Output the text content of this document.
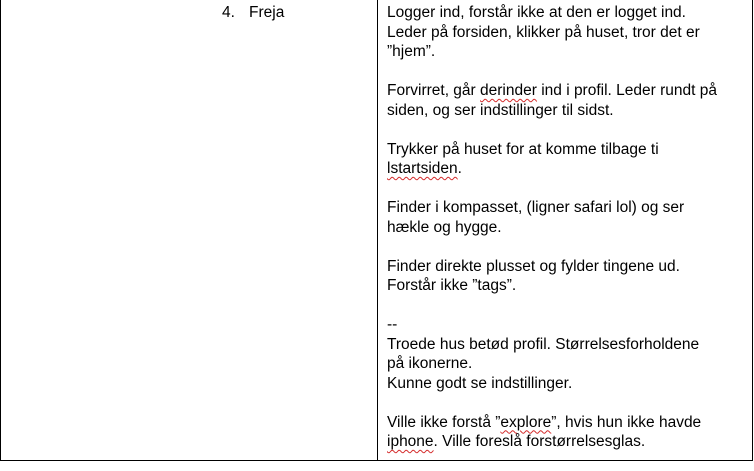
4. Freja	Logger ind, forstår ikke at den er logget ind.
Leder på forsiden, klikker på huset, tror det er
”hjem”.

Forvirret, går derinder ind i profil. Leder rundt på
siden, og ser indstillinger til sidst.

Trykker på huset for at komme tilbage ti
lstartsiden.

Finder i kompasset, (ligner safari lol) og ser
hækle og hygge.

Finder direkte plusset og fylder tingene ud.
Forstår ikke ”tags”.

--

Troede hus betød profil. Størrelsesforholdene
på ikonerne.
Kunne godt se indstillinger.

Ville ikke forstå ”explore”, hvis hun ikke havde
iphone. Ville foreslå forstørrelsesglas.
